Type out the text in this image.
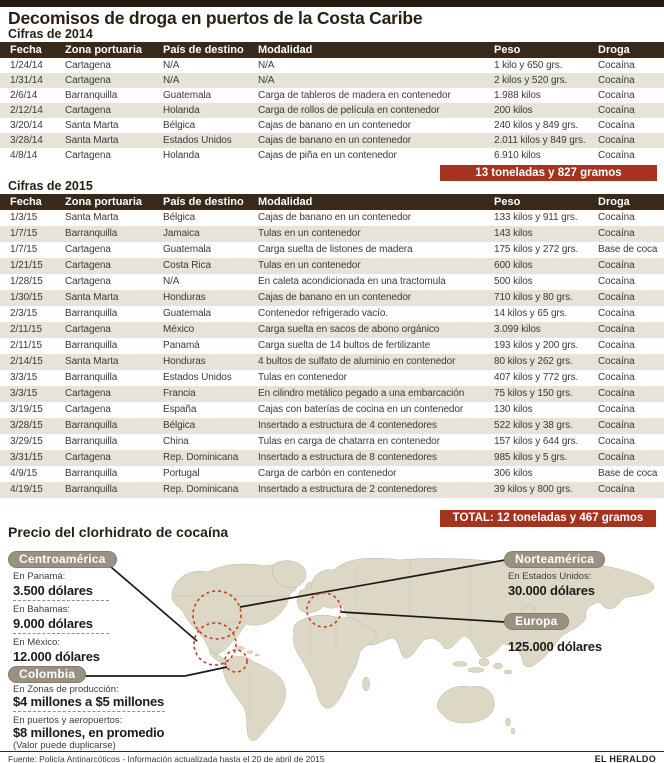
Decomisos de droga en puertos de la Costa Caribe
Cifras de 2014
Fecha	Zona portuaria	País de destino	Modalidad	Peso	Droga
1/24/14	Cartagena	N/A	N/A	1 kilo y 650 grs.	Cocaína
1/31/14	Cartagena	N/A	N/A	2 kilos y 520 grs.	Cocaína
2/6/14	Barranquilla	Guatemala	Carga de tableros de madera en contenedor	1.988 kilos	Cocaína
2/12/14	Cartagena	Holanda	Carga de rollos de película en contenedor	200 kilos	Cocaína
3/20/14	Santa Marta	Bélgica	Cajas de banano en un contenedor	240 kilos y 849 grs.	Cocaína
3/28/14	Santa Marta	Estados Unidos	Cajas de banano en un contenedor	2.011 kilos y 849 grs.	Cocaína
4/8/14	Cartagena	Holanda	Cajas de piña en un contenedor	6.910 kilos	Cocaína
13 toneladas y 827 gramos
Cifras de 2015
Fecha	Zona portuaria	País de destino	Modalidad	Peso	Droga
1/3/15	Santa Marta	Bélgica	Cajas de banano en un contenedor	133 kilos y 911 grs.	Cocaína
1/7/15	Barranquilla	Jamaica	Tulas en un contenedor	143 kilos	Cocaína
1/7/15	Cartagena	Guatemala	Carga suelta de listones de madera	175 kilos y 272 grs.	Base de coca
1/21/15	Cartagena	Costa Rica	Tulas en un contenedor	600 kilos	Cocaína
1/28/15	Cartagena	N/A	En caleta acondicionada en una tractomula	500 kilos	Cocaína
1/30/15	Santa Marta	Honduras	Cajas de banano en un contenedor	710 kilos y 80 grs.	Cocaína
2/3/15	Barranquilla	Guatemala	Contenedor refrigerado vacío.	14 kilos y 65 grs.	Cocaína
2/11/15	Cartagena	México	Carga suelta en sacos de abono orgánico	3.099 kilos	Cocaína
2/11/15	Barranquilla	Panamá	Carga suelta de 14 bultos de fertilizante	193 kilos y 200 grs.	Cocaína
2/14/15	Santa Marta	Honduras	4 bultos de sulfato de aluminio en contenedor	80 kilos y 262 grs.	Cocaína
3/3/15	Barranquilla	Estados Unidos	Tulas en contenedor	407 kilos y 772 grs.	Cocaína
3/3/15	Cartagena	Francia	En cilindro metálico pegado a una embarcación	75 kilos y 150 grs.	Cocaína
3/19/15	Cartagena	España	Cajas con baterías de cocina en un contenedor	130 kilos	Cocaína
3/28/15	Barranquilla	Bélgica	Insertado a estructura de 4 contenedores	522 kilos y 38 grs.	Cocaína
3/29/15	Barranquilla	China	Tulas en carga de chatarra en contenedor	157 kilos y 644 grs.	Cocaína
3/31/15	Cartagena	Rep. Dominicana	Insertado a estructura de 8 contenedores	985 kilos y 5 grs.	Cocaína
4/9/15	Barranquilla	Portugal	Carga de carbón en contenedor	306 kilos	Base de coca
4/19/15	Barranquilla	Rep. Dominicana	Insertado a estructura de 2 contenedores	39 kilos y 800 grs.	Cocaína
TOTAL: 12 toneladas y 467 gramos
Precio del clorhidrato de cocaína
Centroamérica	Norteamérica
Europa
Colombia
En Panamá:
3.500 dólares
En Bahamas:
9.000 dólares
En México:
12.000 dólares
En Estados Unidos:
30.000 dólares
125.000 dólares
En Zonas de producción:
$4 millones a $5 millones
En puertos y aeropuertos:
$8 millones, en promedio
(Valor puede duplicarse)
Fuente: Policía Antinarcóticos - Información actualizada hasta el 20 de abril de 2015	EL HERALDO
